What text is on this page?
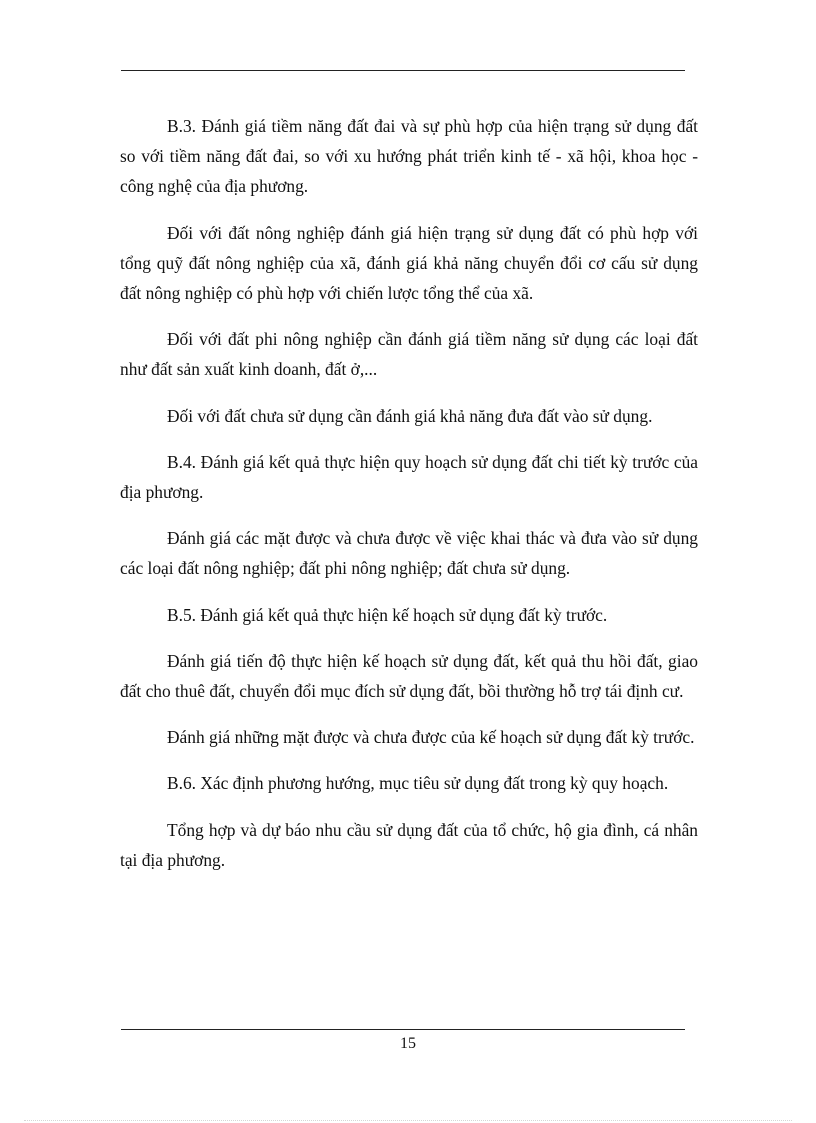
B.3. Đánh giá tiềm năng đất đai và sự phù hợp của hiện trạng sử dụng đất so với tiềm năng đất đai, so với xu hướng phát triển kinh tế - xã hội, khoa học - công nghệ của địa phương.

Đối với đất nông nghiệp đánh giá hiện trạng sử dụng đất có phù hợp với tổng quỹ đất nông nghiệp của xã, đánh giá khả năng chuyển đổi cơ cấu sử dụng đất nông nghiệp có phù hợp với chiến lược tổng thể của xã.

Đối với đất phi nông nghiệp cần đánh giá tiềm năng sử dụng các loại đất như đất sản xuất kinh doanh, đất ở,...

Đối với đất chưa sử dụng cần đánh giá khả năng đưa đất vào sử dụng.

B.4. Đánh giá kết quả thực hiện quy hoạch sử dụng đất chi tiết kỳ trước của địa phương.

Đánh giá các mặt được và chưa được về việc khai thác và đưa vào sử dụng các loại đất nông nghiệp; đất phi nông nghiệp; đất chưa sử dụng.

B.5. Đánh giá kết quả thực hiện kế hoạch sử dụng đất kỳ trước.

Đánh giá tiến độ thực hiện kế hoạch sử dụng đất, kết quả thu hồi đất, giao đất cho thuê đất, chuyển đổi mục đích sử dụng đất, bồi thường hỗ trợ tái định cư.

Đánh giá những mặt được và chưa được của kế hoạch sử dụng đất kỳ trước.

B.6. Xác định phương hướng, mục tiêu sử dụng đất trong kỳ quy hoạch.

Tổng hợp và dự báo nhu cầu sử dụng đất của tổ chức, hộ gia đình, cá nhân tại địa phương.

15
